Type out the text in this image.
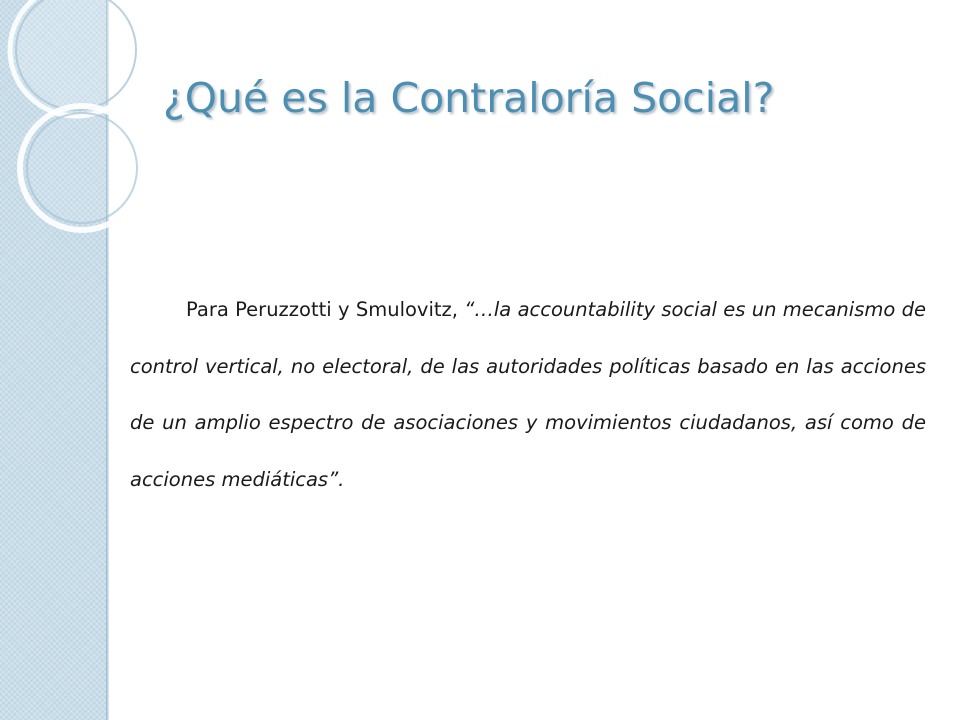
¿Qué es la Contraloría Social?

Para Peruzzotti y Smulovitz, “…la accountability social es un mecanismo de control vertical, no electoral, de las autoridades políticas basado en las acciones de un amplio espectro de asociaciones y movimientos ciudadanos, así como de acciones mediáticas”.
